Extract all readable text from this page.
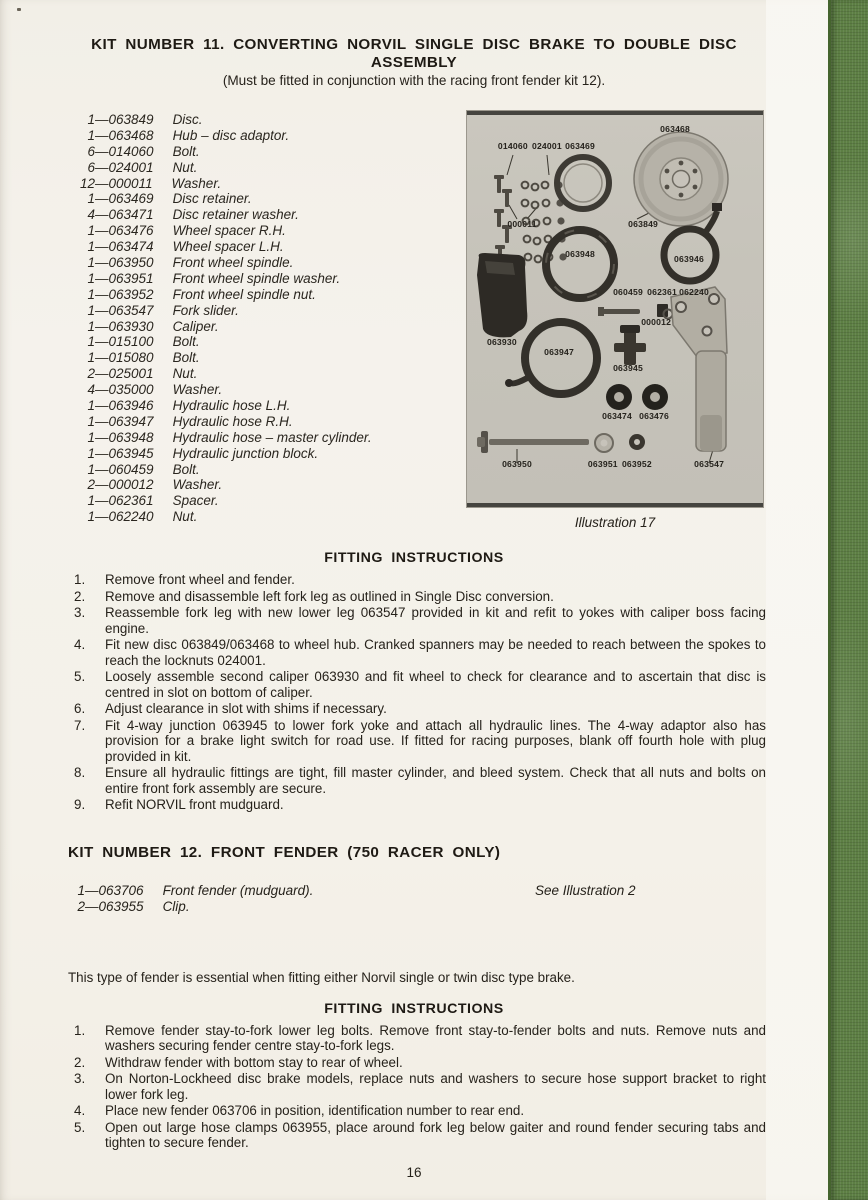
KIT NUMBER 11. CONVERTING NORVIL SINGLE DISC BRAKE TO DOUBLE DISC
ASSEMBLY
(Must be fitted in conjunction with the racing front fender kit 12).
1—063849 Disc.
1—063468 Hub – disc adaptor.
6—014060 Bolt.
6—024001 Nut.
12—000011 Washer.
1—063469 Disc retainer.
4—063471 Disc retainer washer.
1—063476 Wheel spacer R.H.
1—063474 Wheel spacer L.H.
1—063950 Front wheel spindle.
1—063951 Front wheel spindle washer.
1—063952 Front wheel spindle nut.
1—063547 Fork slider.
1—063930 Caliper.
1—015100 Bolt.
1—015080 Bolt.
2—025001 Nut.
4—035000 Washer.
1—063946 Hydraulic hose L.H.
1—063947 Hydraulic hose R.H.
1—063948 Hydraulic hose – master cylinder.
1—063945 Hydraulic junction block.
1—060459 Bolt.
2—000012 Washer.
1—062361 Spacer.
1—062240 Nut.
014060 024001 063469
063468
000011	063849
063948	063946
060459 062361 062240
000012
063930
063947
063945
063474 063476
063950	063951 063952	063547
Illustration 17
FITTING INSTRUCTIONS
Remove front wheel and fender.
Remove and disassemble left fork leg as outlined in Single Disc conversion.
Reassemble fork leg with new lower leg 063547 provided in kit and refit to yokes with caliper boss facing engine.
Fit new disc 063849/063468 to wheel hub. Cranked spanners may be needed to reach between the spokes to reach the locknuts 024001.
Loosely assemble second caliper 063930 and fit wheel to check for clearance and to ascertain that disc is centred in slot on bottom of caliper.
Adjust clearance in slot with shims if necessary.
Fit 4-way junction 063945 to lower fork yoke and attach all hydraulic lines. The 4-way adaptor also has provision for a brake light switch for road use. If fitted for racing purposes, blank off fourth hole with plug provided in kit.
Ensure all hydraulic fittings are tight, fill master cylinder, and bleed system. Check that all nuts and bolts on entire front fork assembly are secure.
Refit NORVIL front mudguard.
KIT NUMBER 12. FRONT FENDER (750 RACER ONLY)
1—063706 Front fender (mudguard).
2—063955 Clip.
See Illustration 2

This type of fender is essential when fitting either Norvil single or twin disc type brake.

FITTING INSTRUCTIONS
Remove fender stay-to-fork lower leg bolts. Remove front stay-to-fender bolts and nuts. Remove nuts and washers securing fender centre stay-to-fork legs.
Withdraw fender with bottom stay to rear of wheel.
On Norton-Lockheed disc brake models, replace nuts and washers to secure hose support bracket to right lower fork leg.
Place new fender 063706 in position, identification number to rear end.
Open out large hose clamps 063955, place around fork leg below gaiter and round fender securing tabs and tighten to secure fender.
16
